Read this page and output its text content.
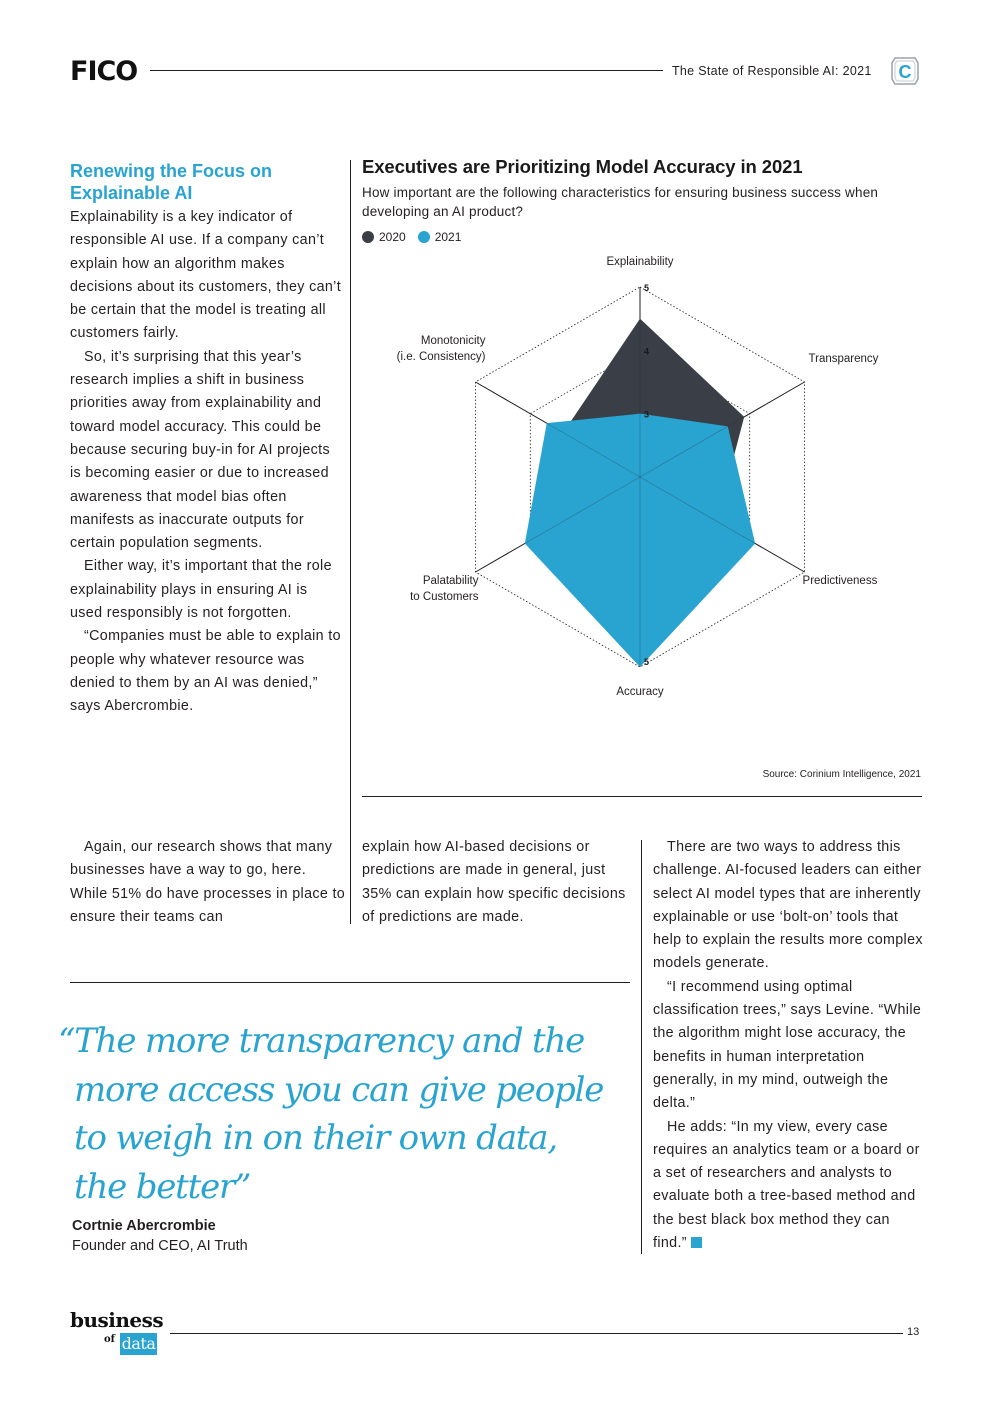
FICO	The State of Responsible AI: 2021 C
Renewing the Focus on Explainable AI

Explainability is a key indicator of responsible AI use. If a company can’t explain how an algorithm makes decisions about its customers, they can’t be certain that the model is treating all customers fairly.

So, it’s surprising that this year’s research implies a shift in business priorities away from explainability and toward model accuracy. This could be because securing buy-in for AI projects is becoming easier or due to increased awareness that model bias often manifests as inaccurate outputs for certain population segments.

Either way, it’s important that the role explainability plays in ensuring AI is used responsibly is not forgotten.

“Companies must be able to explain to people why whatever resource was denied to them by an AI was denied,” says Abercrombie.

Again, our research shows that many businesses have a way to go, here. While 51% do have processes in place to ensure their teams can

Executives are Prioritizing Model Accuracy in 2021
How important are the following characteristics for ensuring business success when developing an AI product?
2020 2021
3
4
5
5
Explainability
Transparency
Predictiveness
Accuracy
Palatability
to Customers
Monotonicity
(i.e. Consistency)
Source: Corinium Intelligence, 2021

explain how AI-based decisions or predictions are made in general, just 35% can explain how specific decisions of predictions are made.

There are two ways to address this challenge. AI-focused leaders can either select AI model types that are inherently explainable or use ‘bolt-on’ tools that help to explain the results more complex models generate.

“I recommend using optimal classification trees,” says Levine. “While the algorithm might lose accuracy, the benefits in human interpretation generally, in my mind, outweigh the delta.”

He adds: “In my view, every case requires an analytics team or a board or a set of researchers and analysts to evaluate both a tree-based method and the best black box method they can find.”

“The more transparency and the
more access you can give people
to weigh in on their own data,
the better”
Cortnie Abercrombie
Founder and CEO, AI Truth
business
of data
13
